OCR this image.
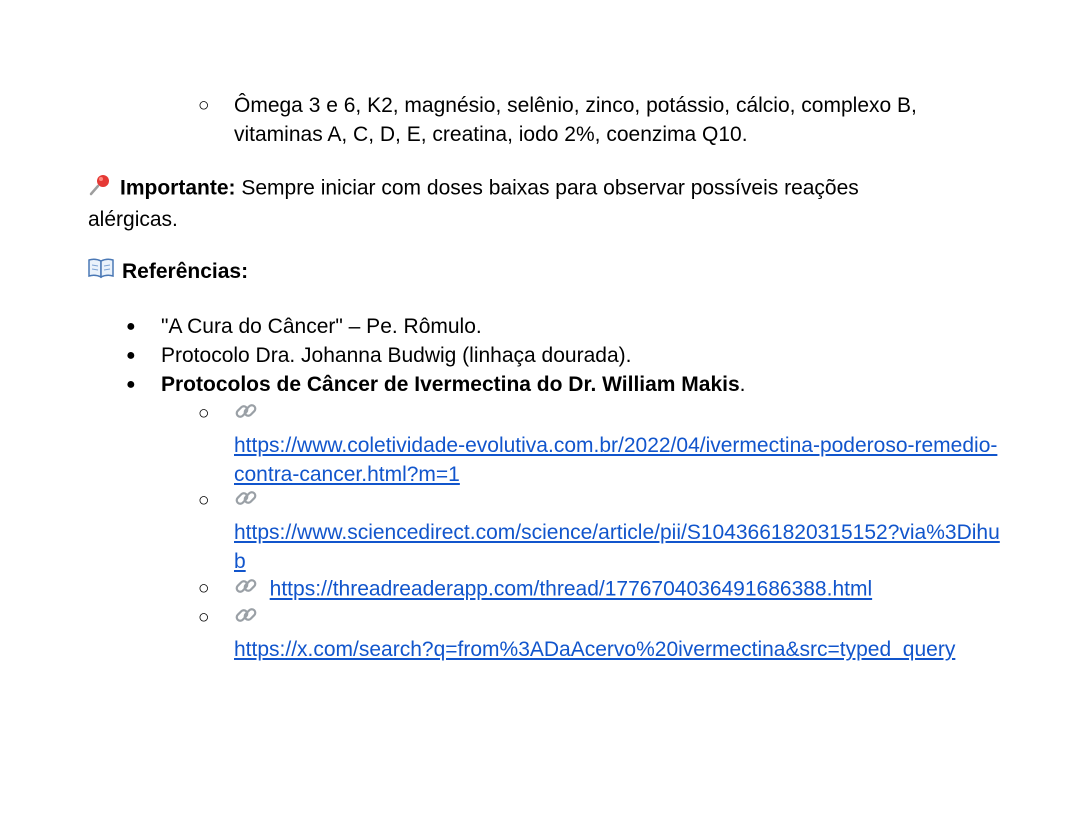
○ Ômega 3 e 6, K2, magnésio, selênio, zinco, potássio, cálcio, complexo B, vitaminas A, C, D, E, creatina, iodo 2%, coenzima Q10.
Importante: Sempre iniciar com doses baixas para observar possíveis reações alérgicas.
Referências:
● "A Cura do Câncer" – Pe. Rômulo.
● Protocolo Dra. Johanna Budwig (linhaça dourada).
● Protocolos de Câncer de Ivermectina do Dr. William Makis.
○

https://www.coletividade-evolutiva.com.br/2022/04/ivermectina-poderoso-remedio-contra-cancer.html?m=1
○

https://www.sciencedirect.com/science/article/pii/S1043661820315152?via%3Dihub
○	https://threadreaderapp.com/thread/1776704036491686388.html
○

https://x.com/search?q=from%3ADaAcervo%20ivermectina&src=typed_query
